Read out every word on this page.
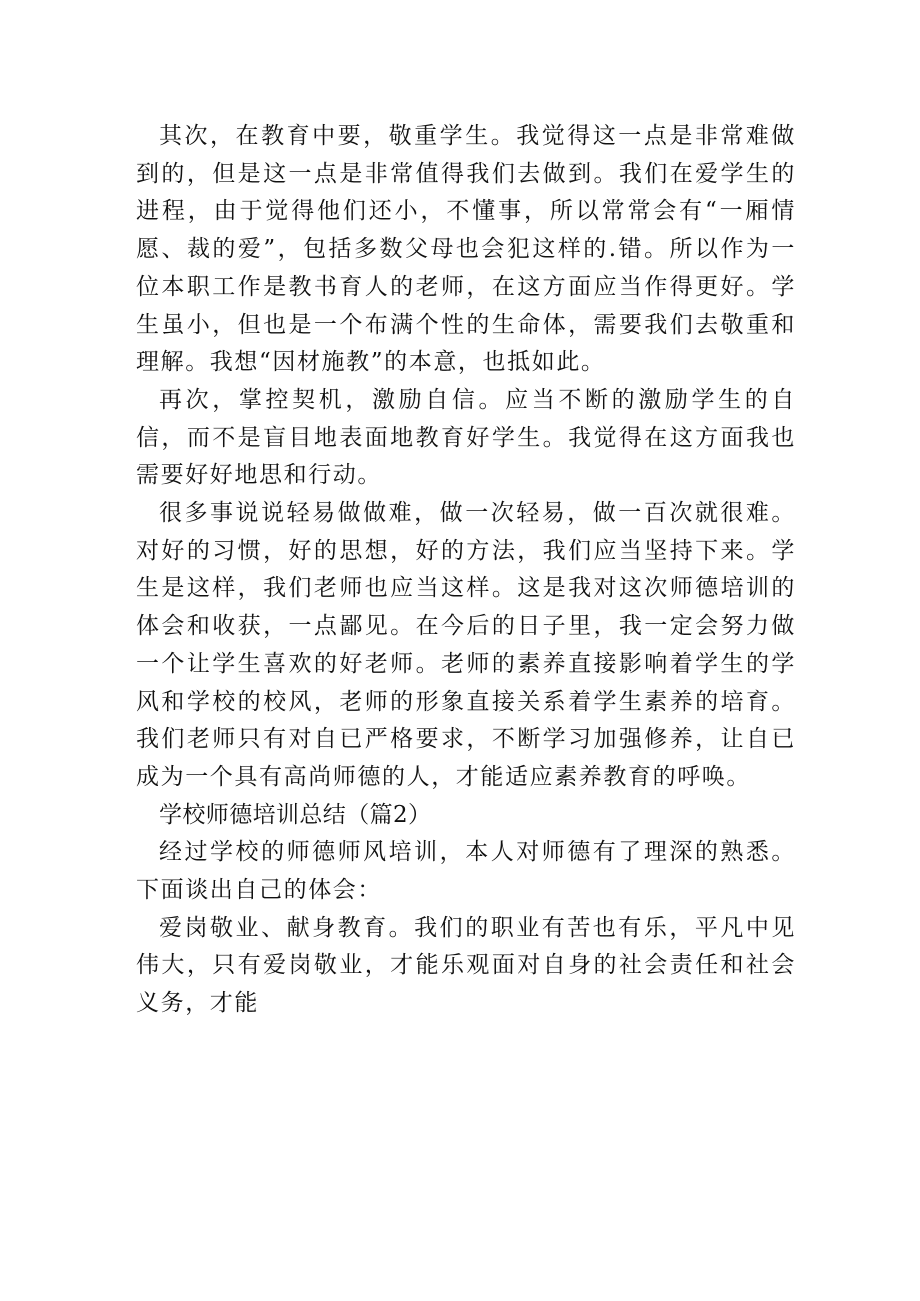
其次，在教育中要，敬重学生。我觉得这一点是非常难做到的，但是这一点是非常值得我们去做到。我们在爱学生的进程，由于觉得他们还小，不懂事，所以常常会有“一厢情愿、裁的爱”，包括多数父母也会犯这样的.错。所以作为一位本职工作是教书育人的老师，在这方面应当作得更好。学生虽小，但也是一个布满个性的生命体，需要我们去敬重和理解。我想“因材施教”的本意，也抵如此。

再次，掌控契机，激励自信。应当不断的激励学生的自信，而不是盲目地表面地教育好学生。我觉得在这方面我也需要好好地思和行动。

很多事说说轻易做做难，做一次轻易，做一百次就很难。对好的习惯，好的思想，好的方法，我们应当坚持下来。学生是这样，我们老师也应当这样。这是我对这次师德培训的体会和收获，一点鄙见。在今后的日子里，我一定会努力做一个让学生喜欢的好老师。老师的素养直接影响着学生的学风和学校的校风，老师的形象直接关系着学生素养的培育。我们老师只有对自已严格要求，不断学习加强修养，让自已成为一个具有高尚师德的人，才能适应素养教育的呼唤。

学校师德培训总结（篇2）

经过学校的师德师风培训，本人对师德有了理深的熟悉。下面谈出自己的体会：

爱岗敬业、献身教育。我们的职业有苦也有乐，平凡中见伟大，只有爱岗敬业，才能乐观面对自身的社会责任和社会义务，才能
